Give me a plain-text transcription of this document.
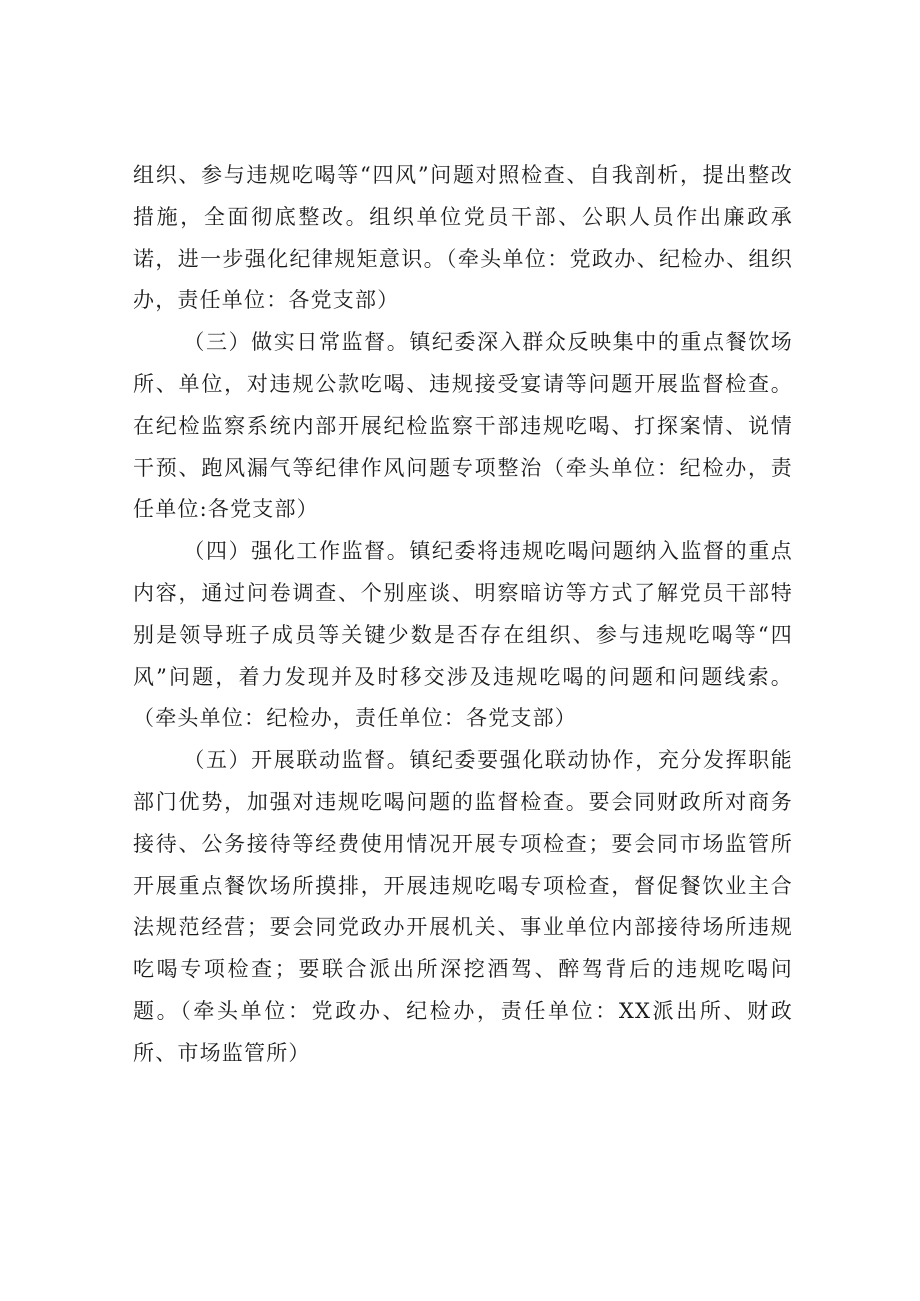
组织、参与违规吃喝等“四风”问题对照检查、自我剖析，提出整改措施，全面彻底整改。组织单位党员干部、公职人员作出廉政承诺，进一步强化纪律规矩意识。（牵头单位：党政办、纪检办、组织办，责任单位：各党支部）

（三）做实日常监督。镇纪委深入群众反映集中的重点餐饮场所、单位，对违规公款吃喝、违规接受宴请等问题开展监督检查。在纪检监察系统内部开展纪检监察干部违规吃喝、打探案情、说情干预、跑风漏气等纪律作风问题专项整治（牵头单位：纪检办，责任单位:各党支部）

（四）强化工作监督。镇纪委将违规吃喝问题纳入监督的重点内容，通过问卷调查、个别座谈、明察暗访等方式了解党员干部特别是领导班子成员等关键少数是否存在组织、参与违规吃喝等“四风”问题，着力发现并及时移交涉及违规吃喝的问题和问题线索。（牵头单位：纪检办，责任单位：各党支部）

（五）开展联动监督。镇纪委要强化联动协作，充分发挥职能部门优势，加强对违规吃喝问题的监督检查。要会同财政所对商务接待、公务接待等经费使用情况开展专项检查；要会同市场监管所开展重点餐饮场所摸排，开展违规吃喝专项检查，督促餐饮业主合法规范经营；要会同党政办开展机关、事业单位内部接待场所违规吃喝专项检查；要联合派出所深挖酒驾、醉驾背后的违规吃喝问题。（牵头单位：党政办、纪检办，责任单位：XX派出所、财政所、市场监管所）
